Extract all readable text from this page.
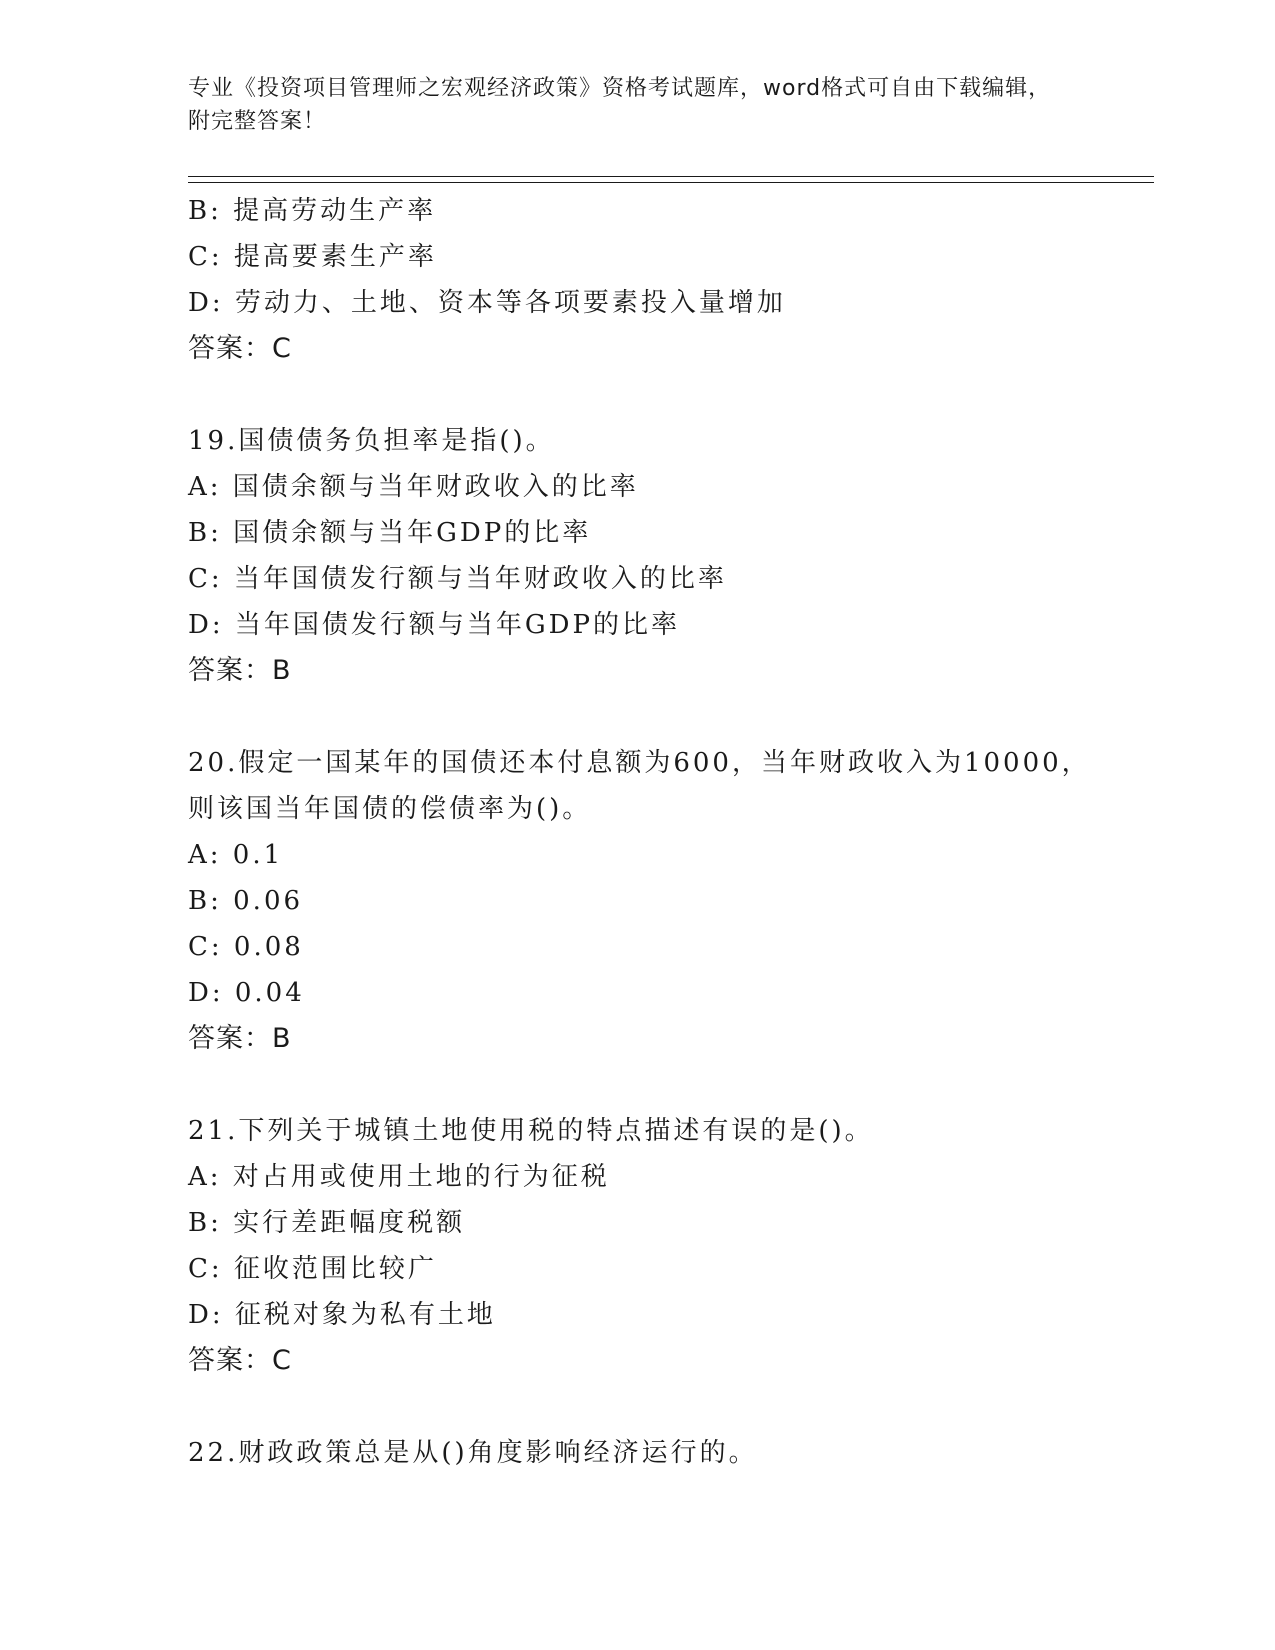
专业《投资项目管理师之宏观经济政策》资格考试题库，word格式可自由下载编辑，附完整答案！
B: 提高劳动生产率
C: 提高要素生产率
D: 劳动力、土地、资本等各项要素投入量增加
答案：C
19.国债债务负担率是指()。
A: 国债余额与当年财政收入的比率
B: 国债余额与当年GDP的比率
C: 当年国债发行额与当年财政收入的比率
D: 当年国债发行额与当年GDP的比率
答案：B
20.假定一国某年的国债还本付息额为600，当年财政收入为10000，
则该国当年国债的偿债率为()。
A: 0.1
B: 0.06
C: 0.08
D: 0.04
答案：B
21.下列关于城镇土地使用税的特点描述有误的是()。
A: 对占用或使用土地的行为征税
B: 实行差距幅度税额
C: 征收范围比较广
D: 征税对象为私有土地
答案：C
22.财政政策总是从()角度影响经济运行的。
